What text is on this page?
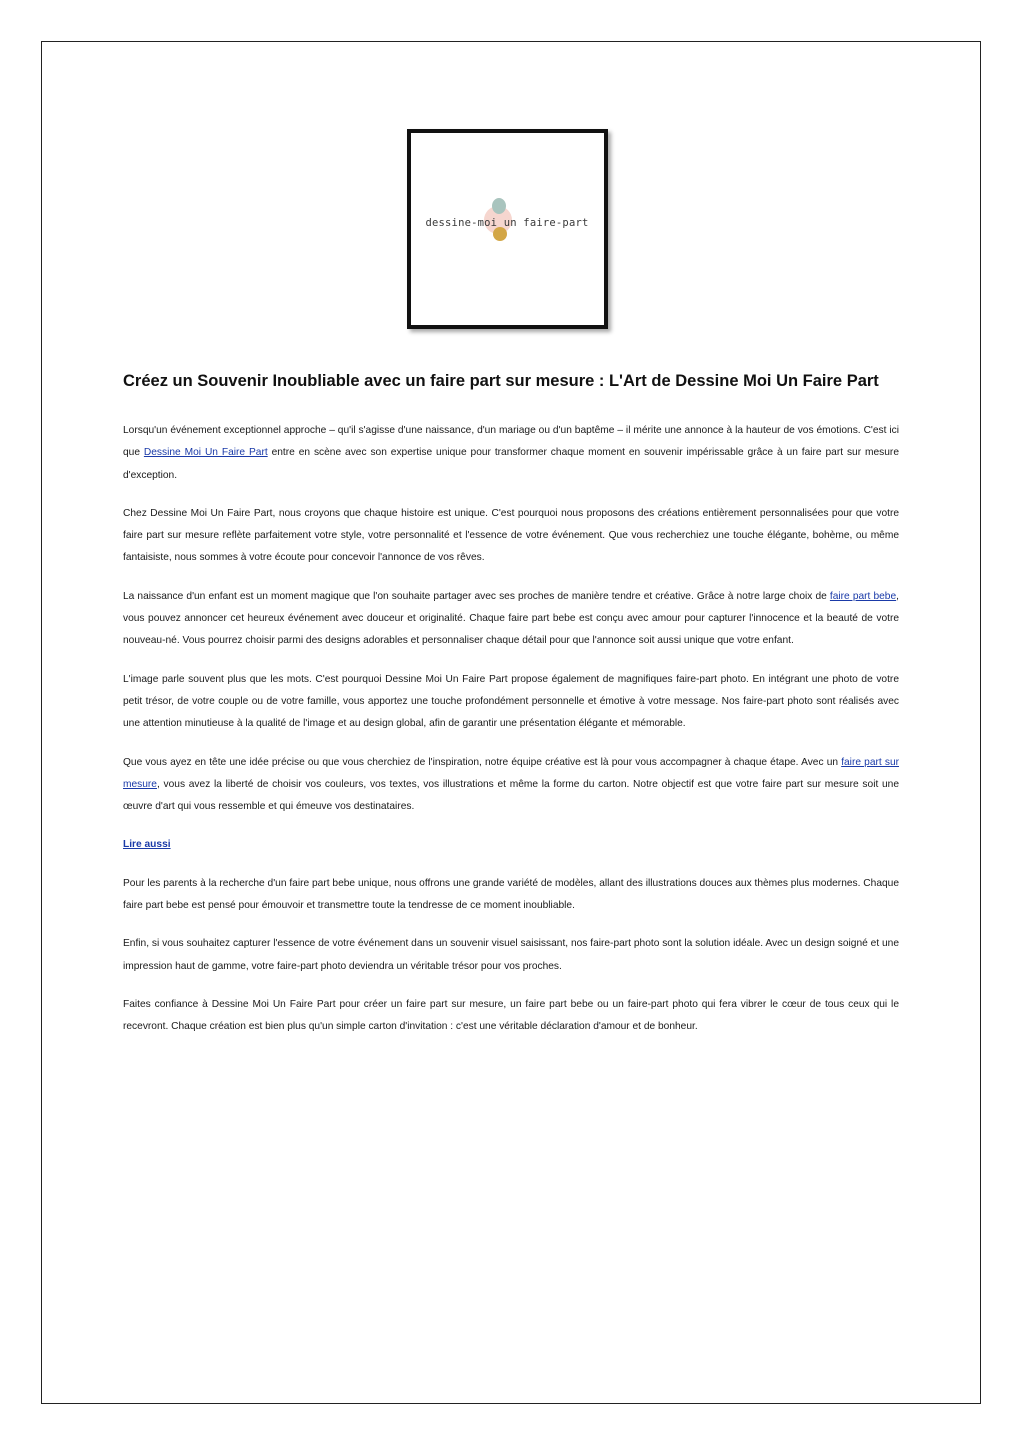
dessine-moi un faire-part
Créez un Souvenir Inoubliable avec un faire part sur mesure : L'Art de Dessine Moi Un Faire Part

Lorsqu'un événement exceptionnel approche – qu'il s'agisse d'une naissance, d'un mariage ou d'un baptême – il mérite une annonce à la hauteur de vos émotions. C'est ici que Dessine Moi Un Faire Part entre en scène avec son expertise unique pour transformer chaque moment en souvenir impérissable grâce à un faire part sur mesure d'exception.

Chez Dessine Moi Un Faire Part, nous croyons que chaque histoire est unique. C'est pourquoi nous proposons des créations entièrement personnalisées pour que votre faire part sur mesure reflète parfaitement votre style, votre personnalité et l'essence de votre événement. Que vous recherchiez une touche élégante, bohème, ou même fantaisiste, nous sommes à votre écoute pour concevoir l'annonce de vos rêves.

La naissance d'un enfant est un moment magique que l'on souhaite partager avec ses proches de manière tendre et créative. Grâce à notre large choix de faire part bebe, vous pouvez annoncer cet heureux événement avec douceur et originalité. Chaque faire part bebe est conçu avec amour pour capturer l'innocence et la beauté de votre nouveau-né. Vous pourrez choisir parmi des designs adorables et personnaliser chaque détail pour que l'annonce soit aussi unique que votre enfant.

L'image parle souvent plus que les mots. C'est pourquoi Dessine Moi Un Faire Part propose également de magnifiques faire-part photo. En intégrant une photo de votre petit trésor, de votre couple ou de votre famille, vous apportez une touche profondément personnelle et émotive à votre message. Nos faire-part photo sont réalisés avec une attention minutieuse à la qualité de l'image et au design global, afin de garantir une présentation élégante et mémorable.

Que vous ayez en tête une idée précise ou que vous cherchiez de l'inspiration, notre équipe créative est là pour vous accompagner à chaque étape. Avec un faire part sur mesure, vous avez la liberté de choisir vos couleurs, vos textes, vos illustrations et même la forme du carton. Notre objectif est que votre faire part sur mesure soit une œuvre d'art qui vous ressemble et qui émeuve vos destinataires.

Lire aussi

Pour les parents à la recherche d'un faire part bebe unique, nous offrons une grande variété de modèles, allant des illustrations douces aux thèmes plus modernes. Chaque faire part bebe est pensé pour émouvoir et transmettre toute la tendresse de ce moment inoubliable.

Enfin, si vous souhaitez capturer l'essence de votre événement dans un souvenir visuel saisissant, nos faire-part photo sont la solution idéale. Avec un design soigné et une impression haut de gamme, votre faire-part photo deviendra un véritable trésor pour vos proches.

Faites confiance à Dessine Moi Un Faire Part pour créer un faire part sur mesure, un faire part bebe ou un faire-part photo qui fera vibrer le cœur de tous ceux qui le recevront. Chaque création est bien plus qu'un simple carton d'invitation : c'est une véritable déclaration d'amour et de bonheur.
